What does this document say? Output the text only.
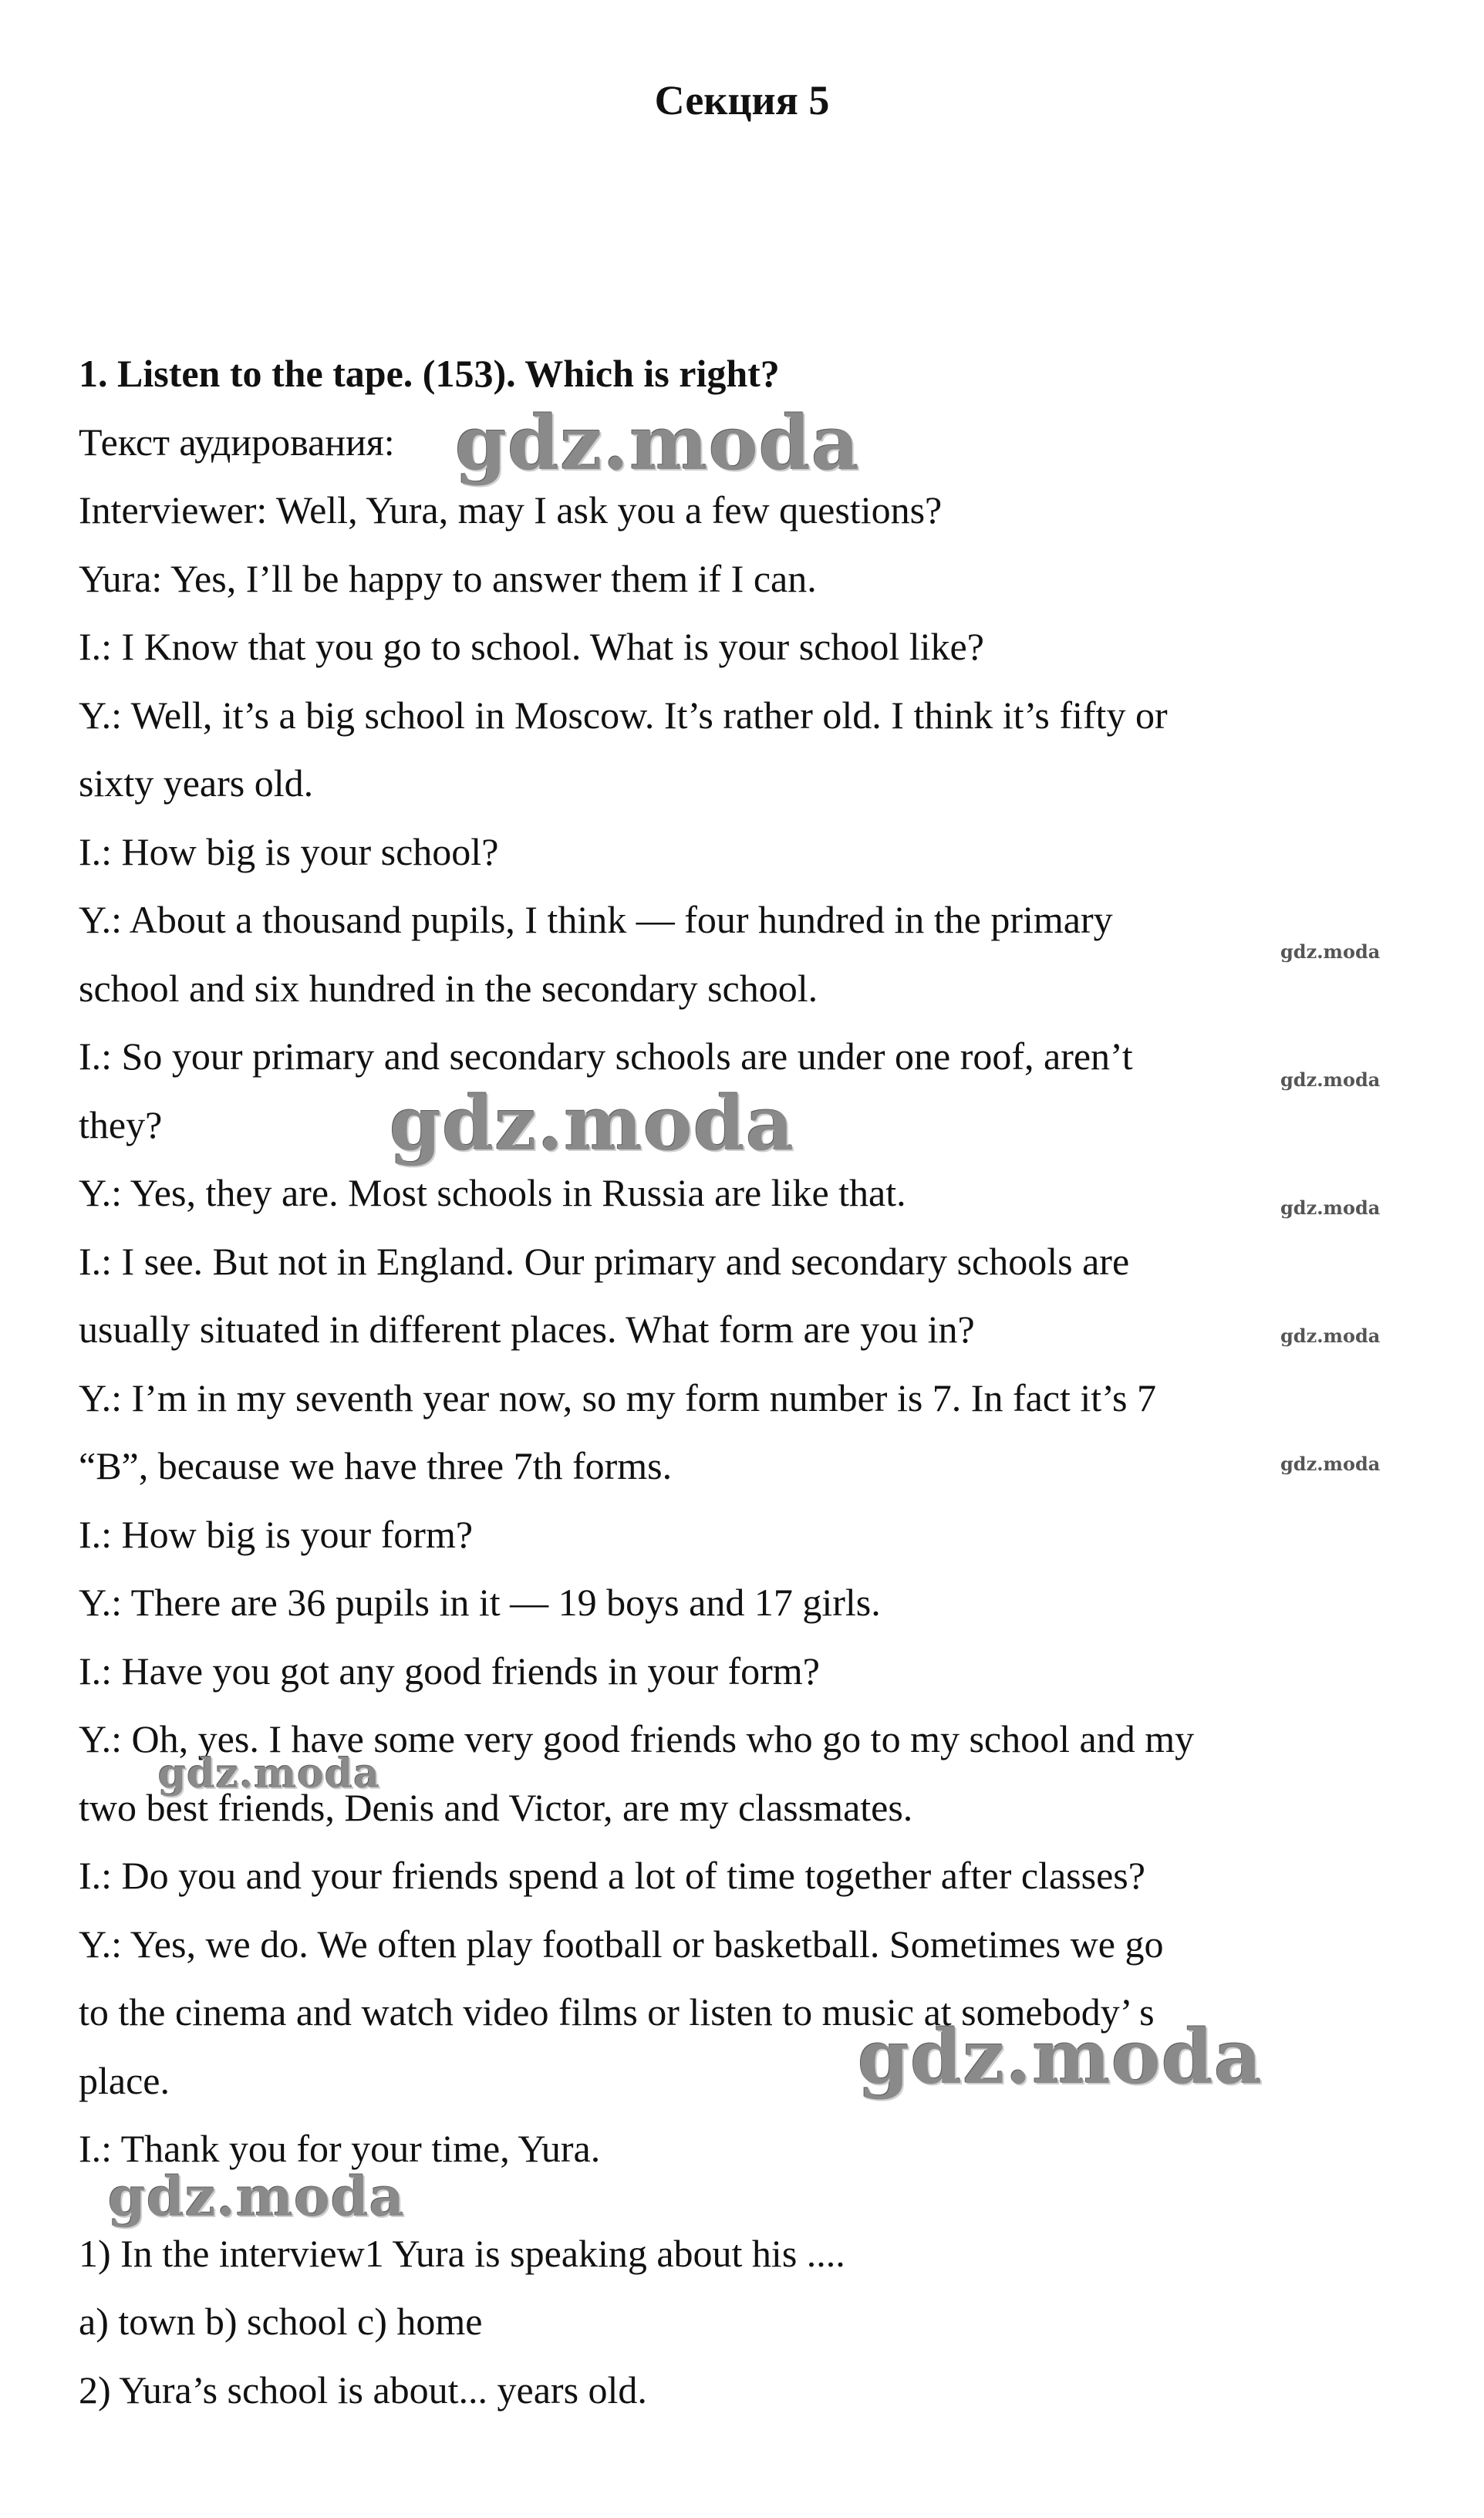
Секция 5
1. Listen to the tape. (153). Which is right?
Текст аудирования:
Interviewer: Well, Yura, may I ask you a few questions?
Yura: Yes, I’ll be happy to answer them if I can.
I.: I Know that you go to school. What is your school like?
Y.: Well, it’s a big school in Moscow. It’s rather old. I think it’s fifty or
sixty years old.
I.: How big is your school?
Y.: About a thousand pupils, I think — four hundred in the primary
school and six hundred in the secondary school.
I.: So your primary and secondary schools are under one roof, aren’t
they?
Y.: Yes, they are. Most schools in Russia are like that.
I.: I see. But not in England. Our primary and secondary schools are
usually situated in different places. What form are you in?
Y.: I’m in my seventh year now, so my form number is 7. In fact it’s 7
“B”, because we have three 7th forms.
I.: How big is your form?
Y.: There are 36 pupils in it — 19 boys and 17 girls.
I.: Have you got any good friends in your form?
Y.: Oh, yes. I have some very good friends who go to my school and my
two best friends, Denis and Victor, are my classmates.
I.: Do you and your friends spend a lot of time together after classes?
Y.: Yes, we do. We often play football or basketball. Sometimes we go
to the cinema and watch video films or listen to music at somebody’ s
place.
I.: Thank you for your time, Yura.
1) In the interview1 Yura is speaking about his ....
a) town b) school c) home
2) Yura’s school is about... years old.
gdz.moda
gdz.moda
gdz.moda
gdz.moda
gdz.moda
gdz.moda
gdz.moda
gdz.moda
gdz.moda
gdz.moda
